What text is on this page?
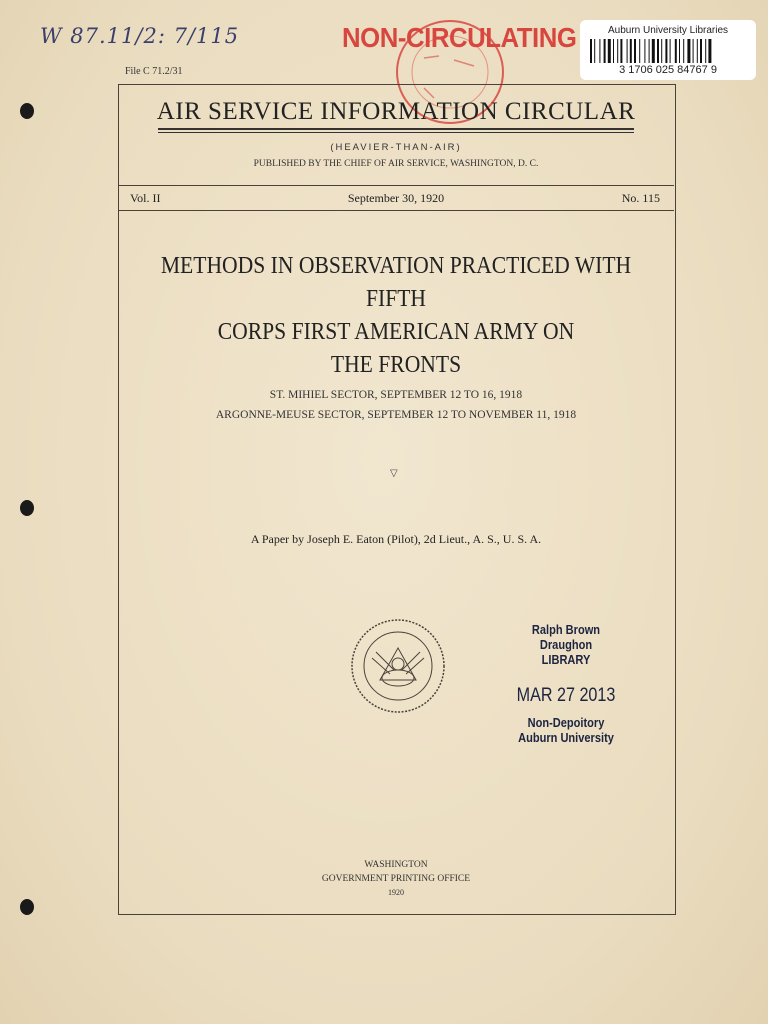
W 87.11/2: 7/115
File C 71.2/31
NON-CIRCULATING	Auburn University Libraries
3 1706 025 84767 9
AIR SERVICE INFORMATION CIRCULAR
(HEAVIER-THAN-AIR)
PUBLISHED BY THE CHIEF OF AIR SERVICE, WASHINGTON, D. C.
Vol. II	September 30, 1920	No. 115
METHODS IN OBSERVATION PRACTICED WITH FIFTH
CORPS FIRST AMERICAN ARMY ON
THE FRONTS
ST. MIHIEL SECTOR, SEPTEMBER 12 TO 16, 1918
ARGONNE-MEUSE SECTOR, SEPTEMBER 12 TO NOVEMBER 11, 1918
▽
A Paper by Joseph E. Eaton (Pilot), 2d Lieut., A. S., U. S. A.
Ralph Brown Draughon
LIBRARY
MAR 27 2013
Non-Depoitory
Auburn University
WASHINGTON
GOVERNMENT PRINTING OFFICE
1920
